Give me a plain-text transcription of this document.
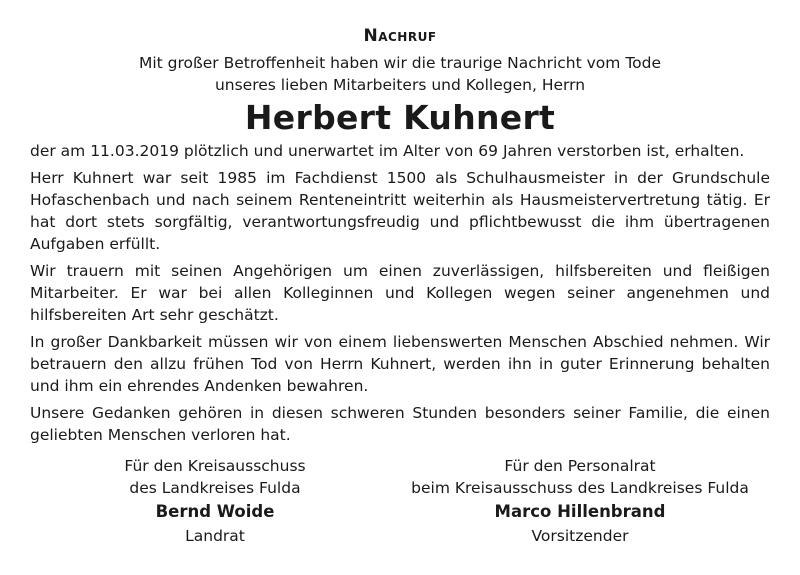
Nachruf

Mit großer Betroffenheit haben wir die traurige Nachricht vom Tode
unseres lieben Mitarbeiters und Kollegen, Herrn

Herbert Kuhnert

der am 11.03.2019 plötzlich und unerwartet im Alter von 69 Jahren verstorben ist, erhalten.

Herr Kuhnert war seit 1985 im Fachdienst 1500 als Schulhausmeister in der Grundschule Hofaschenbach und nach seinem Renteneintritt weiterhin als Hausmeistervertretung tätig. Er hat dort stets sorgfältig, verantwortungsfreudig und pflichtbewusst die ihm übertragenen Aufgaben erfüllt.

Wir trauern mit seinen Angehörigen um einen zuverlässigen, hilfsbereiten und fleißigen Mitarbeiter. Er war bei allen Kolleginnen und Kollegen wegen seiner angenehmen und hilfsbereiten Art sehr geschätzt.

In großer Dankbarkeit müssen wir von einem liebenswerten Menschen Abschied nehmen. Wir betrauern den allzu frühen Tod von Herrn Kuhnert, werden ihn in guter Erinnerung behalten und ihm ein ehrendes Andenken bewahren.

Unsere Gedanken gehören in diesen schweren Stunden besonders seiner Familie, die einen geliebten Menschen verloren hat.

Für den Kreisausschuss
des Landkreises Fulda
Bernd Woide
Landrat
Für den Personalrat
beim Kreisausschuss des Landkreises Fulda
Marco Hillenbrand
Vorsitzender
